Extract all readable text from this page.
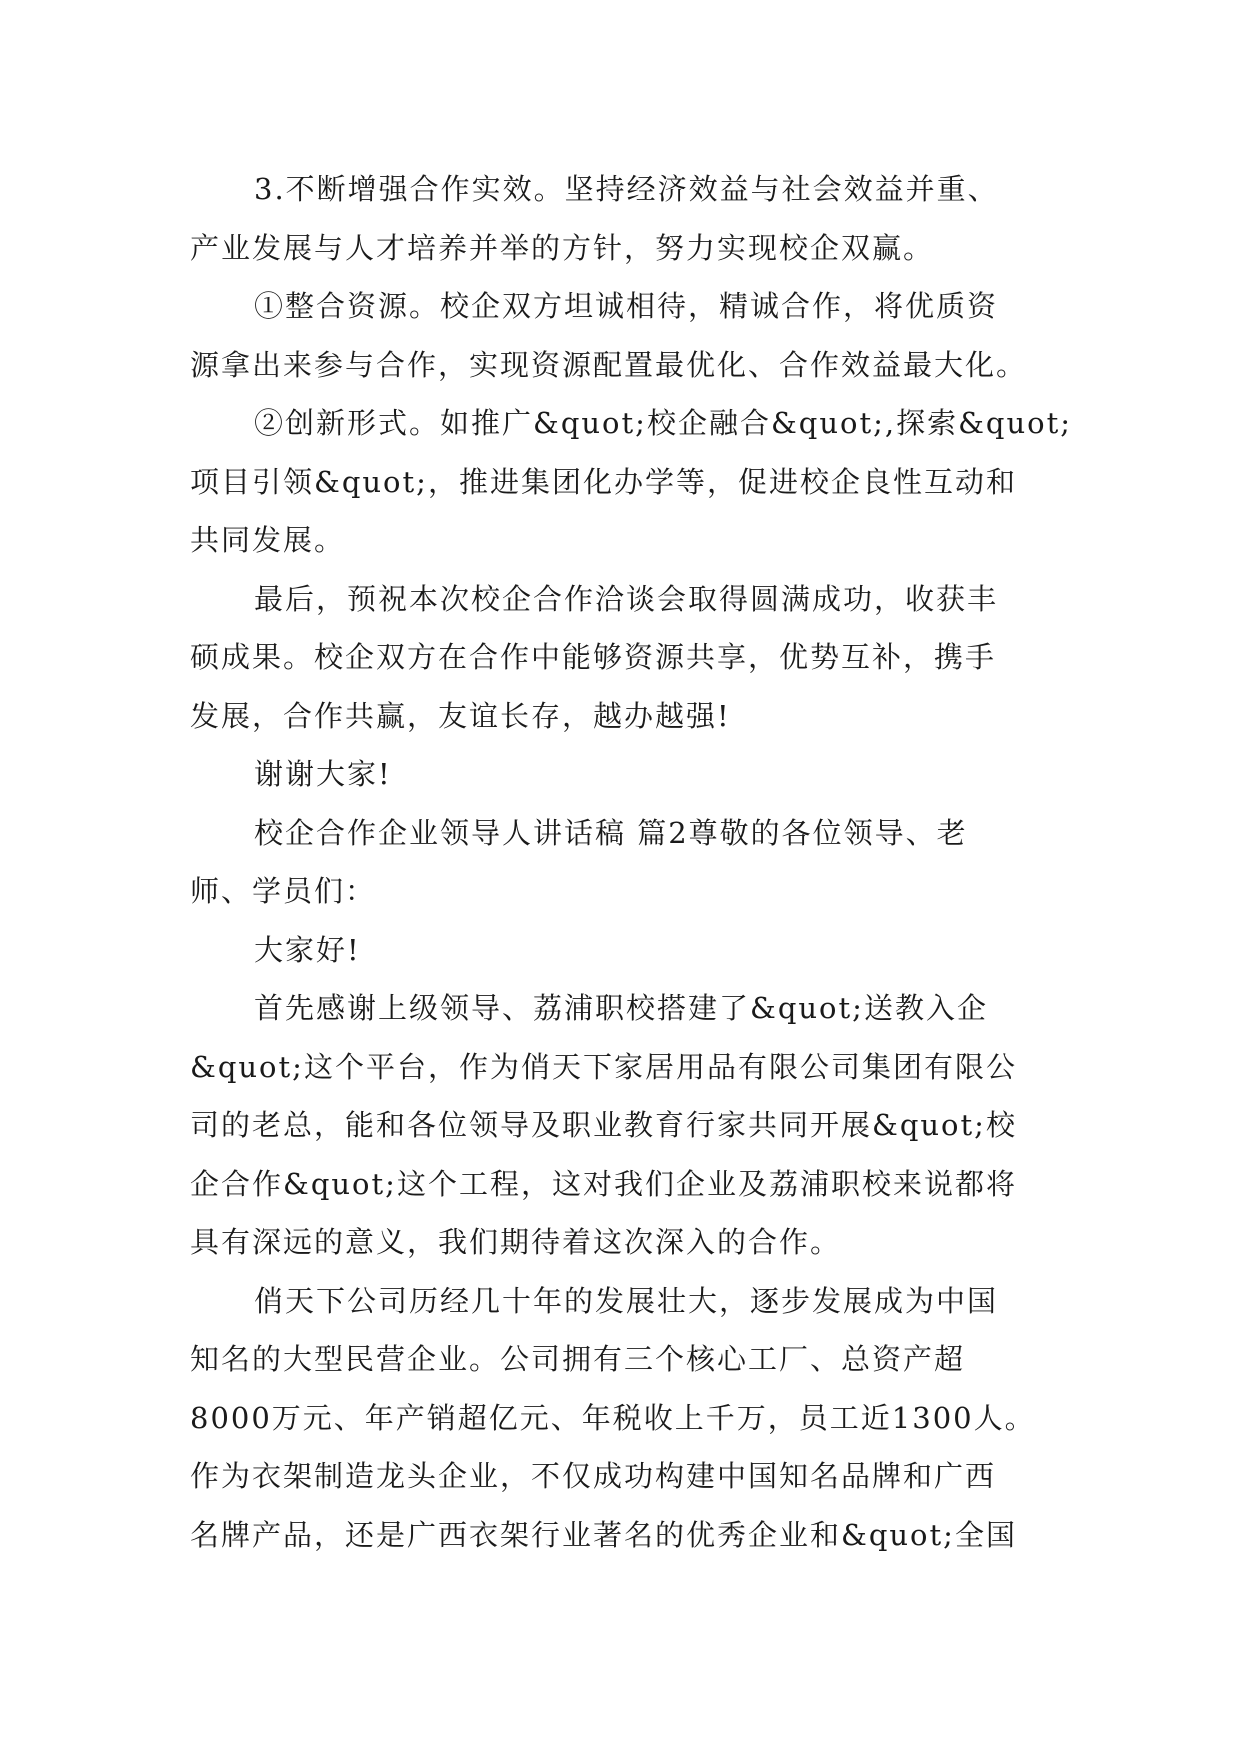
3.不断增强合作实效。坚持经济效益与社会效益并重、
产业发展与人才培养并举的方针，努力实现校企双赢。
①整合资源。校企双方坦诚相待，精诚合作，将优质资
源拿出来参与合作，实现资源配置最优化、合作效益最大化。
②创新形式。如推广&quot;校企融合&quot;,探索&quot;
项目引领&quot;，推进集团化办学等，促进校企良性互动和
共同发展。
最后，预祝本次校企合作洽谈会取得圆满成功，收获丰
硕成果。校企双方在合作中能够资源共享，优势互补，携手
发展，合作共赢，友谊长存，越办越强!
谢谢大家!
校企合作企业领导人讲话稿 篇2尊敬的各位领导、老
师、学员们：
大家好!
首先感谢上级领导、荔浦职校搭建了&quot;送教入企
&quot;这个平台，作为俏天下家居用品有限公司集团有限公
司的老总，能和各位领导及职业教育行家共同开展&quot;校
企合作&quot;这个工程，这对我们企业及荔浦职校来说都将
具有深远的意义，我们期待着这次深入的合作。
俏天下公司历经几十年的发展壮大，逐步发展成为中国
知名的大型民营企业。公司拥有三个核心工厂、总资产超
8000万元、年产销超亿元、年税收上千万，员工近1300人。
作为衣架制造龙头企业，不仅成功构建中国知名品牌和广西
名牌产品，还是广西衣架行业著名的优秀企业和&quot;全国
